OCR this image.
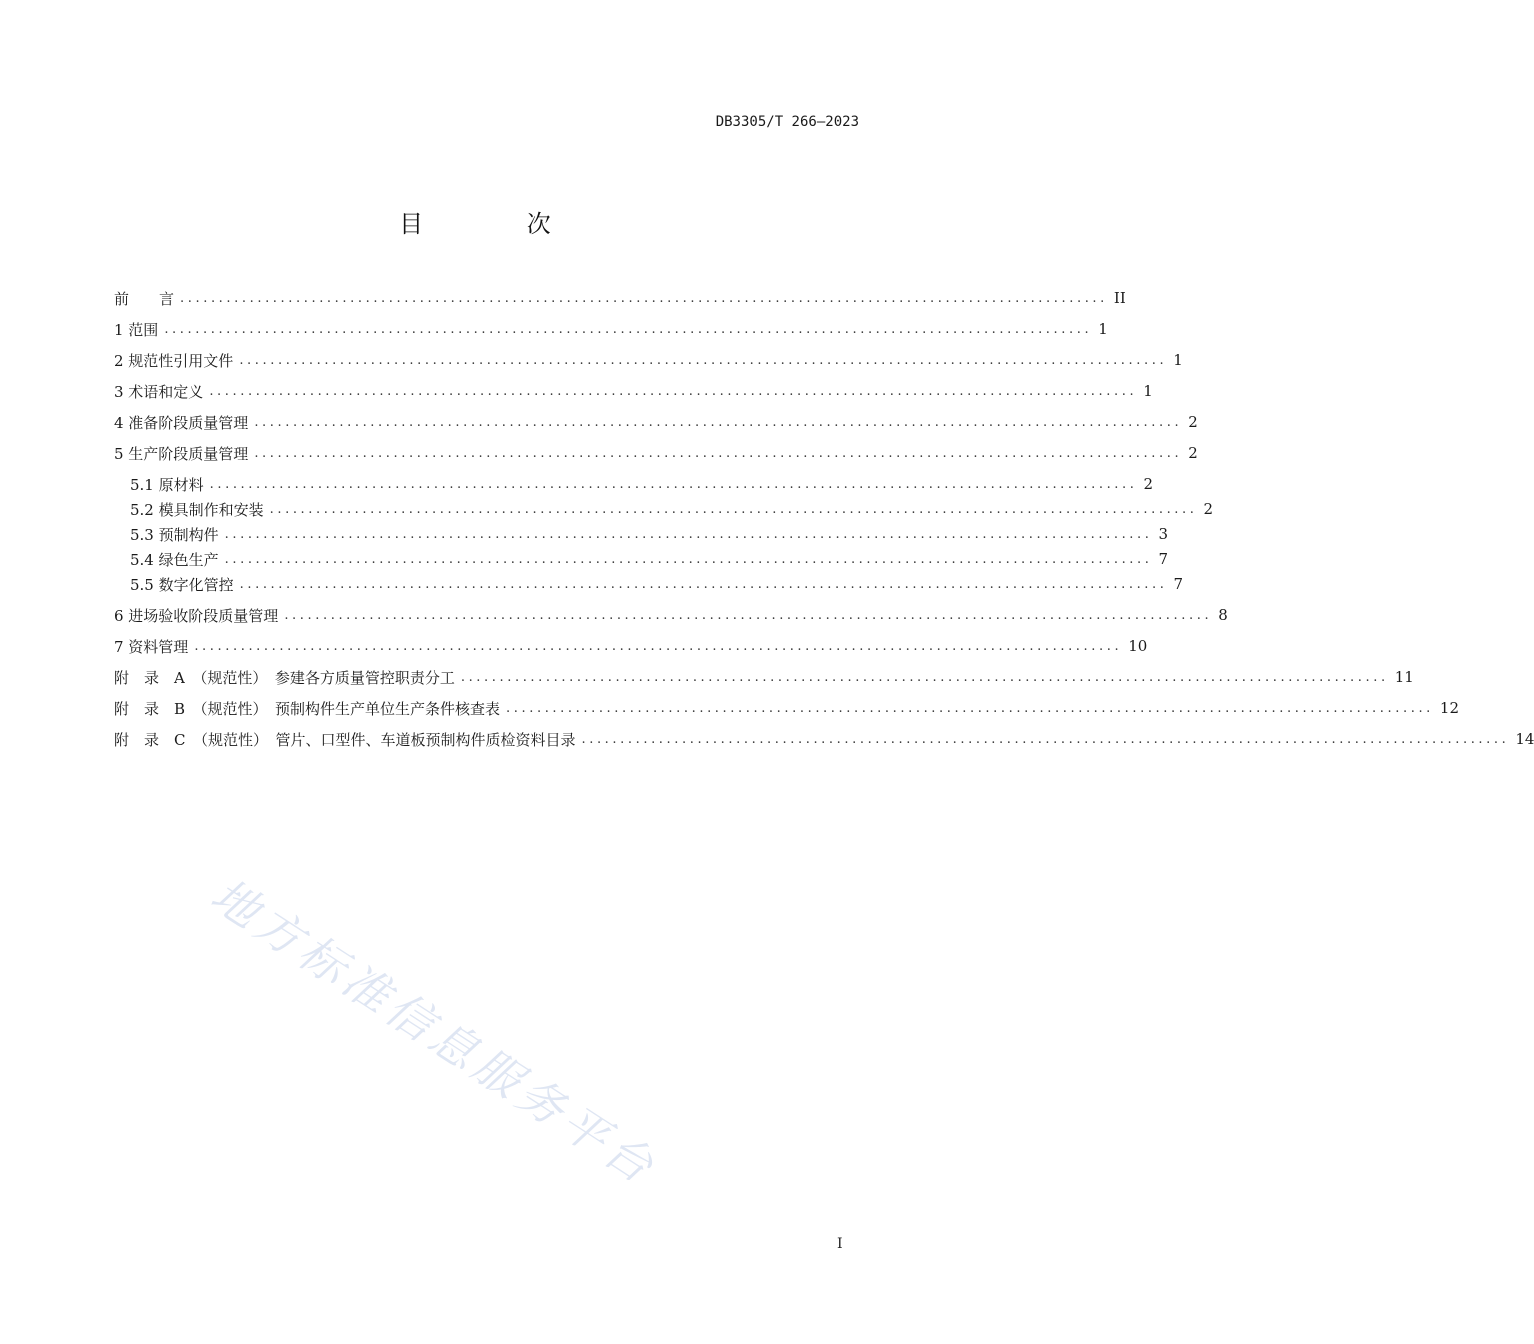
DB3305/T 266—2023
目 次
前　　言 ........................................................................................................................ II
1 范围 ........................................................................................................................ 1
2 规范性引用文件 ........................................................................................................................ 1
3 术语和定义 ........................................................................................................................ 1
4 准备阶段质量管理 ........................................................................................................................ 2
5 生产阶段质量管理 ........................................................................................................................ 2
5.1 原材料 ........................................................................................................................ 2
5.2 模具制作和安装 ........................................................................................................................ 2
5.3 预制构件 ........................................................................................................................ 3
5.4 绿色生产 ........................................................................................................................ 7
5.5 数字化管控 ........................................................................................................................ 7
6 进场验收阶段质量管理 ........................................................................................................................ 8
7 资料管理 ........................................................................................................................ 10
附　录　A　（规范性）　参建各方质量管控职责分工 ........................................................................................................................ 11
附　录　B　（规范性）　预制构件生产单位生产条件核查表 ........................................................................................................................ 12
附　录　C　（规范性）　管片、口型件、车道板预制构件质检资料目录 ........................................................................................................................ 14
地方标准信息服务平台
I
